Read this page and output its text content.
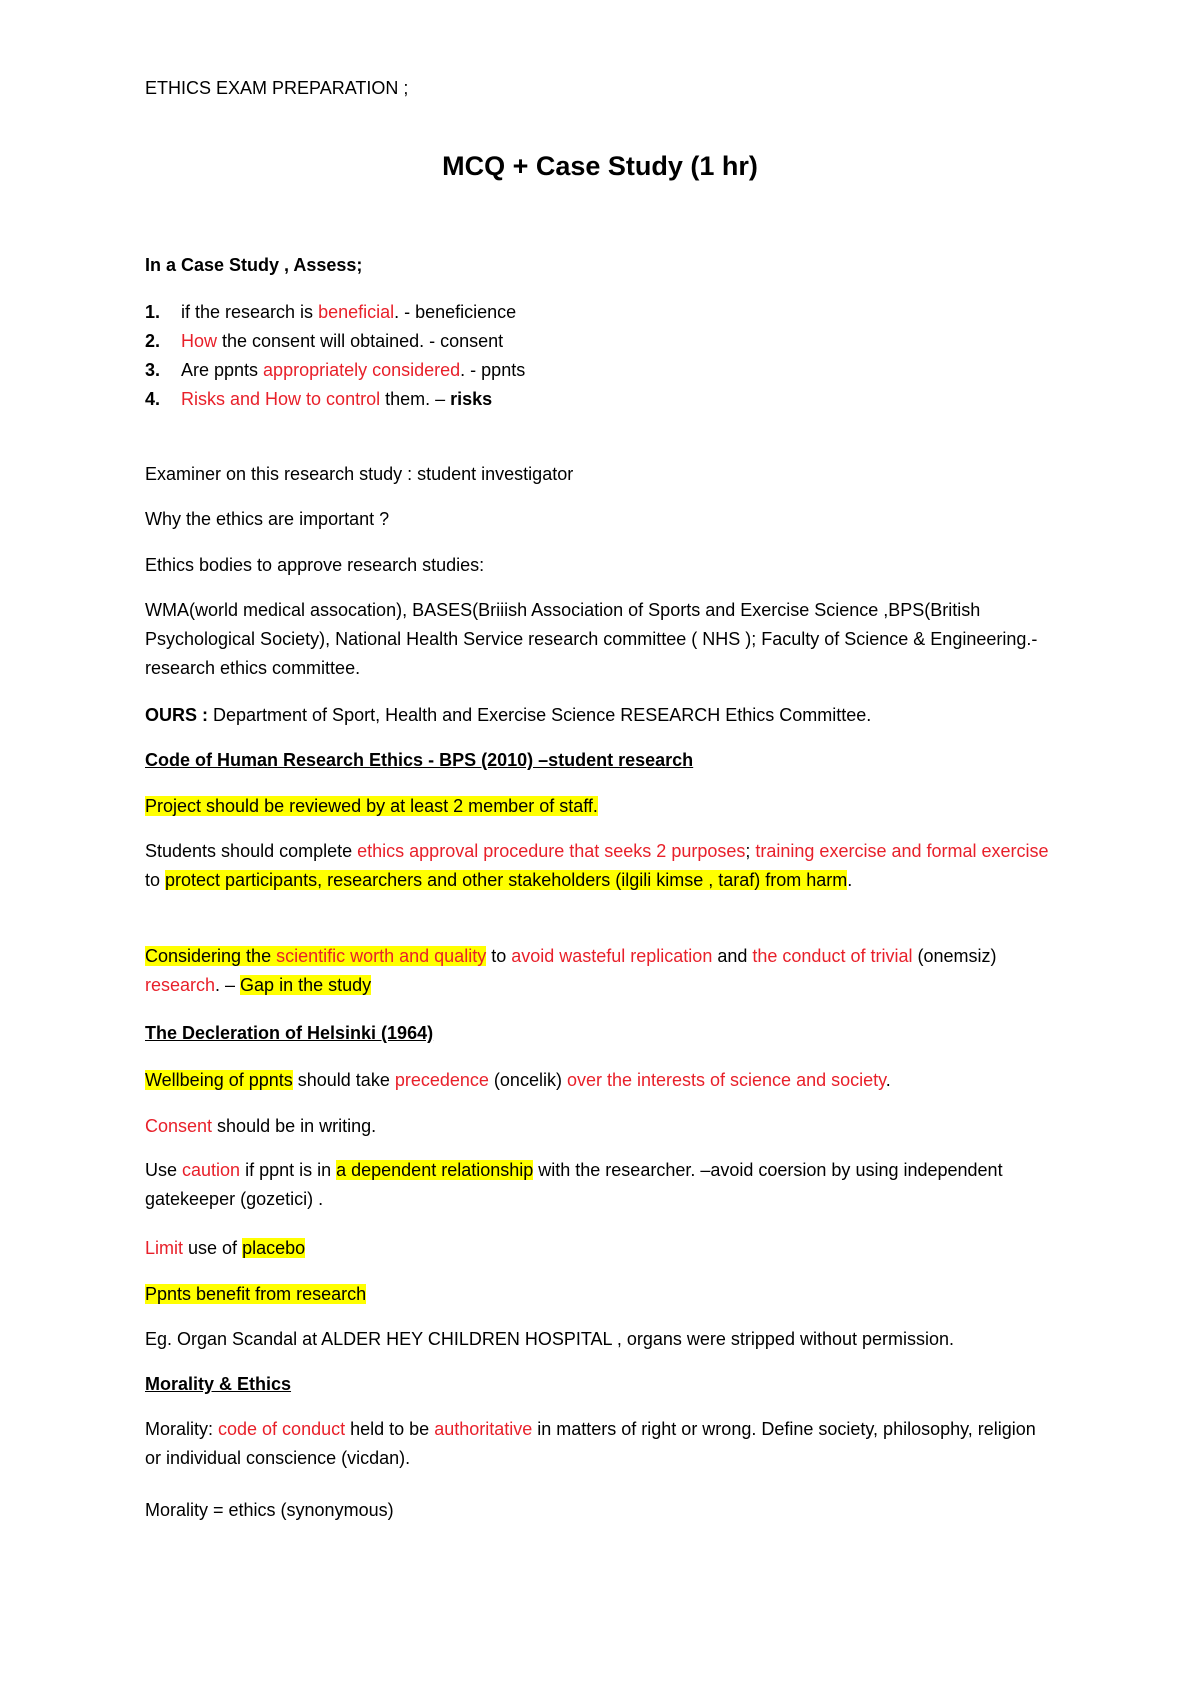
ETHICS EXAM PREPARATION ;

MCQ + Case Study (1 hr)

In a Case Study , Assess;

1. if the research is beneficial. - beneficience
2. How the consent will obtained. - consent
3. Are ppnts appropriately considered. - ppnts
4. Risks and How to control them. – risks

Examiner on this research study : student investigator

Why the ethics are important ?

Ethics bodies to approve research studies:

WMA(world medical assocation), BASES(Briiish Association of Sports and Exercise Science ,BPS(British Psychological Society), National Health Service research committee ( NHS ); Faculty of Science & Engineering.- research ethics committee.

OURS : Department of Sport, Health and Exercise Science RESEARCH Ethics Committee.

Code of Human Research Ethics - BPS (2010) –student research

Project should be reviewed by at least 2 member of staff.

Students should complete ethics approval procedure that seeks 2 purposes; training exercise and formal exercise to protect participants, researchers and other stakeholders (ilgili kimse , taraf) from harm.

Considering the scientific worth and quality to avoid wasteful replication and the conduct of trivial (onemsiz) research. – Gap in the study

The Decleration of Helsinki (1964)

Wellbeing of ppnts should take precedence (oncelik) over the interests of science and society.

Consent should be in writing.

Use caution if ppnt is in a dependent relationship with the researcher. –avoid coersion by using independent gatekeeper (gozetici) .

Limit use of placebo

Ppnts benefit from research

Eg. Organ Scandal at ALDER HEY CHILDREN HOSPITAL , organs were stripped without permission.

Morality & Ethics

Morality: code of conduct held to be authoritative in matters of right or wrong. Define society, philosophy, religion or individual conscience (vicdan).

Morality = ethics (synonymous)
